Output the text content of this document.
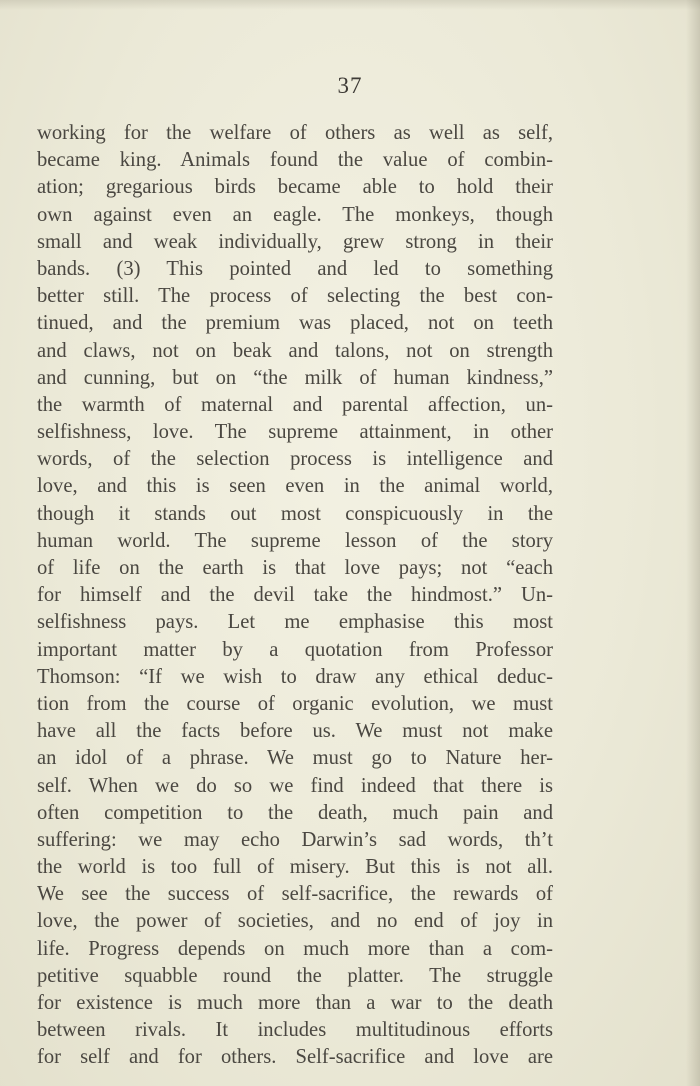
37
working for the welfare of others as well as self,
became king. Animals found the value of combin-
ation; gregarious birds became able to hold their
own against even an eagle. The monkeys, though
small and weak individually, grew strong in their
bands. (3) This pointed and led to something
better still. The process of selecting the best con-
tinued, and the premium was placed, not on teeth
and claws, not on beak and talons, not on strength
and cunning, but on “the milk of human kindness,”
the warmth of maternal and parental affection, un-
selfishness, love. The supreme attainment, in other
words, of the selection process is intelligence and
love, and this is seen even in the animal world,
though it stands out most conspicuously in the
human world. The supreme lesson of the story
of life on the earth is that love pays; not “each
for himself and the devil take the hindmost.” Un-
selfishness pays. Let me emphasise this most
important matter by a quotation from Professor
Thomson: “If we wish to draw any ethical deduc-
tion from the course of organic evolution, we must
have all the facts before us. We must not make
an idol of a phrase. We must go to Nature her-
self. When we do so we find indeed that there is
often competition to the death, much pain and
suffering: we may echo Darwin’s sad words, th’t
the world is too full of misery. But this is not all.
We see the success of self-sacrifice, the rewards of
love, the power of societies, and no end of joy in
life. Progress depends on much more than a com-
petitive squabble round the platter. The struggle
for existence is much more than a war to the death
between rivals. It includes multitudinous efforts
for self and for others. Self-sacrifice and love are
